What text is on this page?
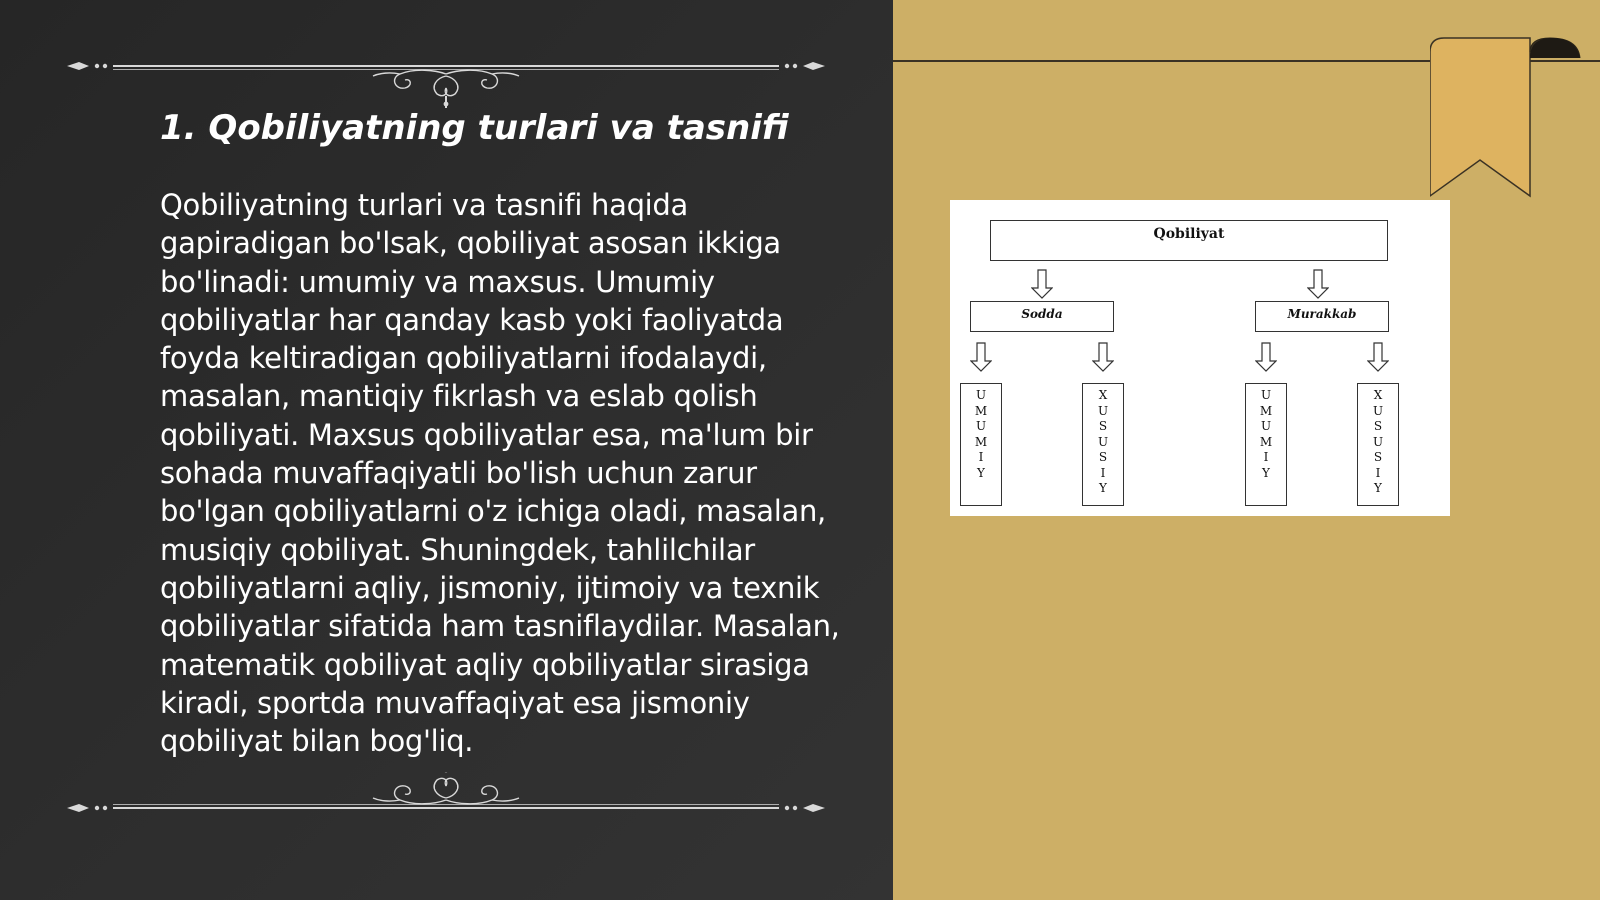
1. Qobiliyatning turlari va tasnifi

Qobiliyatning turlari va tasnifi haqida gapiradigan bo'lsak, qobiliyat asosan ikkiga bo'linadi: umumiy va maxsus. Umumiy qobiliyatlar har qanday kasb yoki faoliyatda foyda keltiradigan qobiliyatlarni ifodalaydi, masalan, mantiqiy fikrlash va eslab qolish qobiliyati. Maxsus qobiliyatlar esa, ma'lum bir sohada muvaffaqiyatli bo'lish uchun zarur bo'lgan qobiliyatlarni o'z ichiga oladi, masalan, musiqiy qobiliyat. Shuningdek, tahlilchilar qobiliyatlarni aqliy, jismoniy, ijtimoiy va texnik qobiliyatlar sifatida ham tasniflaydilar. Masalan, matematik qobiliyat aqliy qobiliyatlar sirasiga kiradi, sportda muvaffaqiyat esa jismoniy qobiliyat bilan bog'liq.

Qobiliyat
Sodda	Murakkab
U
M
U
M
I
Y
X
U
S
U
S
I
Y
U
M
U
M
I
Y
X
U
S
U
S
I
Y
